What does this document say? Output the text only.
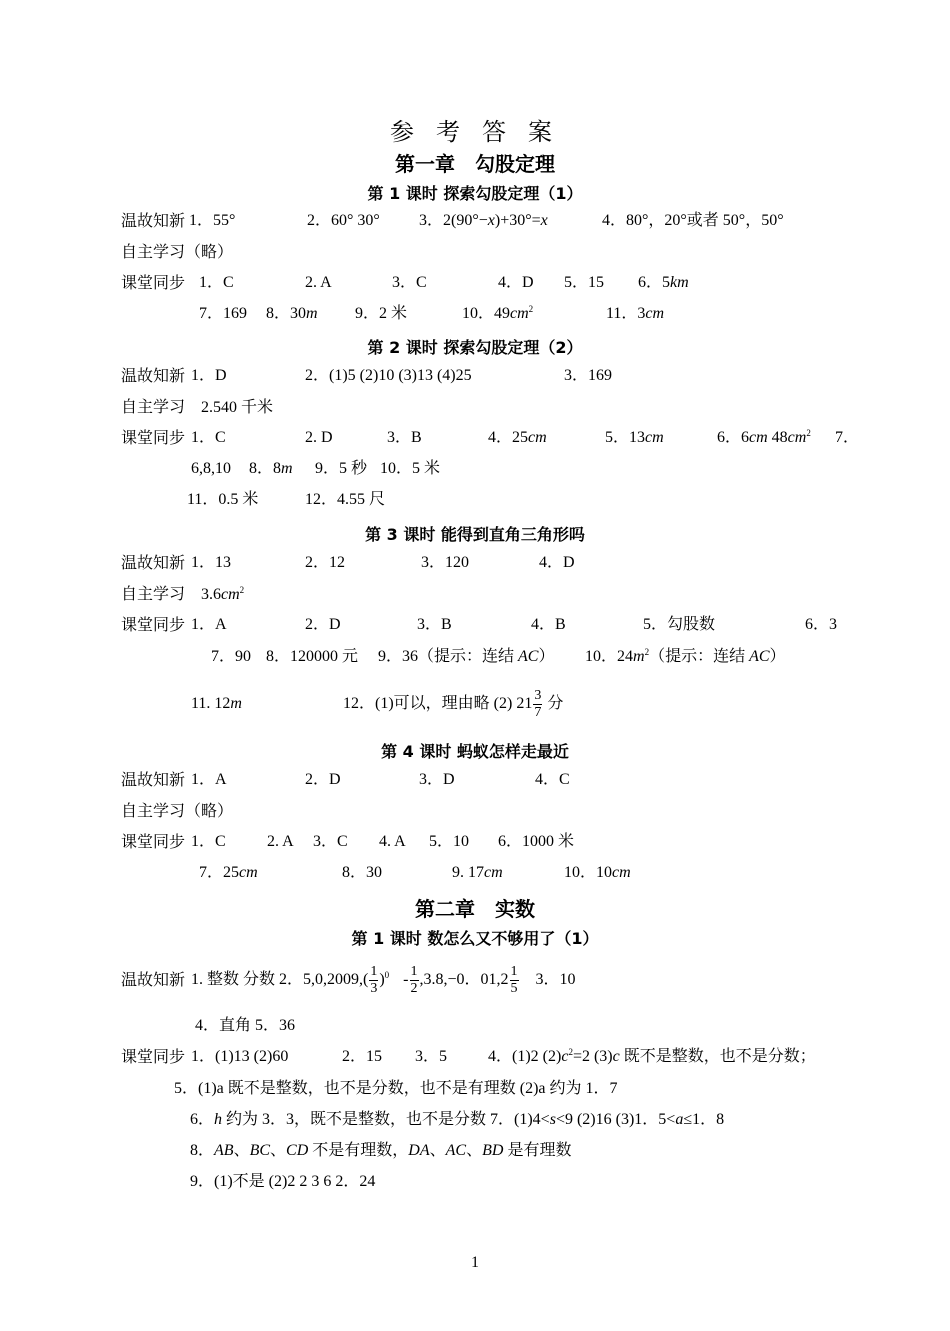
参 考 答 案
第一章　勾股定理
第 1 课时 探索勾股定理（1）
温故知新 1．55°	2．60° 30° 3．2(90°−x)+30°=x	4．80°，20°或者 50°，50°
自主学习（略）
课堂同步 1．C	2. A	3．C	4．D 5．15 6．5km
7．169 8．30m 9．2 米	10．$49cm^2$	11．3cm
第 2 课时 探索勾股定理（2）
温故知新 1．D	2．(1)5 (2)10 (3)13 (4)25	3．169
自主学习 2.540 千米
课堂同步 1．C	2. D	3．B	4．25cm	5．13cm	6．6cm $48cm^2$ 7．
6,8,10 8．8m 9．5 秒 10．5 米
11．0.5 米	12．4.55 尺
第 3 课时 能得到直角三角形吗
温故知新 1．13	2．12	3．120	4．D
自主学习 $3.6cm^2$
课堂同步 1．A	2．D	3．B	4．B	5．勾股数	6．3
7．90 8．120000 元 9．36（提示：连结 AC） 10．$24m^2$（提示：连结 AC）
11. 12m	12．(1)可以，理由略 (2) $21 \frac{3}{7}$ 分
第 4 课时 蚂蚁怎样走最近
温故知新 1．A	2．D	3．D	4．C
自主学习（略）
课堂同步 1．C	2. A 3．C 4. A 5．10 6．1000 米
7．25cm	8．30	9. 17cm	10．10cm
第二章　实数
第 1 课时 数怎么又不够用了（1）
温故知新 1. 整数 分数 2．$5,0,2009,( \frac{1}{3} )^0 - \frac{1}{2} ,3.8,-0$．$01,2 \frac{1}{5} 3$．10
4．直角 5．36
课堂同步 1．(1)13 (2)60	2．15 3．5	4．(1)2 $(2)c^2=2$ (3)c 既不是整数，也不是分数；
5．(1)a 既不是整数，也不是分数，也不是有理数 (2)a 约为 1．7
6．h 约为 3．3，既不是整数，也不是分数 7．(1)4<s<9 (2)16 (3)1．5<a≤1．8
8．AB、BC、CD 不是有理数，DA、AC、BD 是有理数
9．(1)不是 (2)2 2 3 6 2．24
1
